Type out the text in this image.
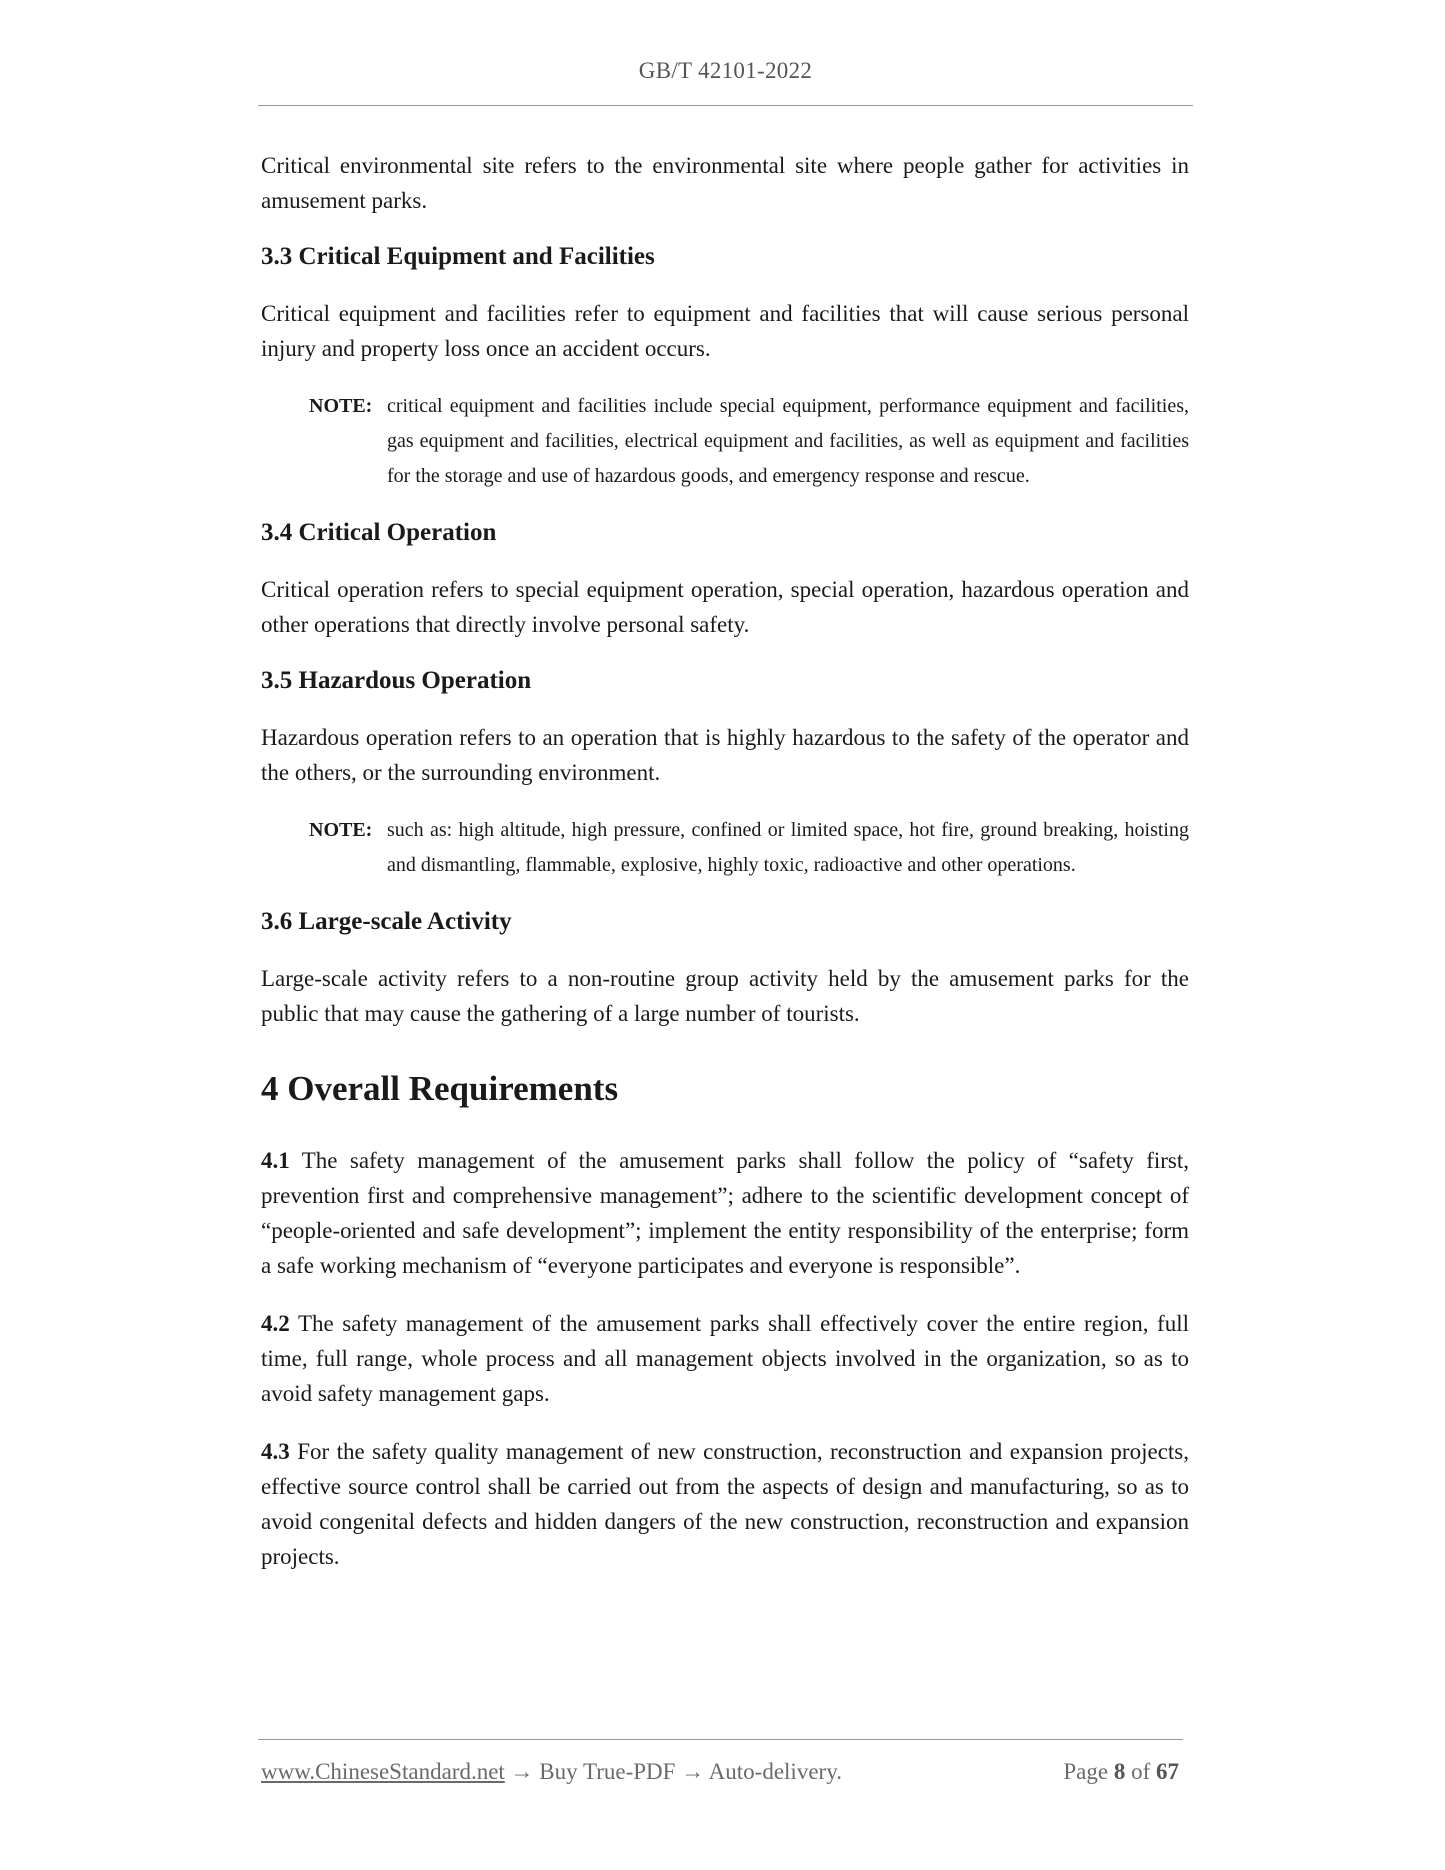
GB/T 42101-2022

Critical environmental site refers to the environmental site where people gather for activities in amusement parks.

3.3 Critical Equipment and Facilities

Critical equipment and facilities refer to equipment and facilities that will cause serious personal injury and property loss once an accident occurs.

NOTE: critical equipment and facilities include special equipment, performance equipment and facilities, gas equipment and facilities, electrical equipment and facilities, as well as equipment and facilities for the storage and use of hazardous goods, and emergency response and rescue.
3.4 Critical Operation

Critical operation refers to special equipment operation, special operation, hazardous operation and other operations that directly involve personal safety.

3.5 Hazardous Operation

Hazardous operation refers to an operation that is highly hazardous to the safety of the operator and the others, or the surrounding environment.

NOTE: such as: high altitude, high pressure, confined or limited space, hot fire, ground breaking, hoisting and dismantling, flammable, explosive, highly toxic, radioactive and other operations.
3.6 Large-scale Activity

Large-scale activity refers to a non-routine group activity held by the amusement parks for the public that may cause the gathering of a large number of tourists.

4 Overall Requirements

4.1 The safety management of the amusement parks shall follow the policy of “safety first, prevention first and comprehensive management”; adhere to the scientific development concept of “people-oriented and safe development”; implement the entity responsibility of the enterprise; form a safe working mechanism of “everyone participates and everyone is responsible”.

4.2 The safety management of the amusement parks shall effectively cover the entire region, full time, full range, whole process and all management objects involved in the organization, so as to avoid safety management gaps.

4.3 For the safety quality management of new construction, reconstruction and expansion projects, effective source control shall be carried out from the aspects of design and manufacturing, so as to avoid congenital defects and hidden dangers of the new construction, reconstruction and expansion projects.

www.ChineseStandard.net → Buy True-PDF → Auto-delivery.	Page 8 of 67
